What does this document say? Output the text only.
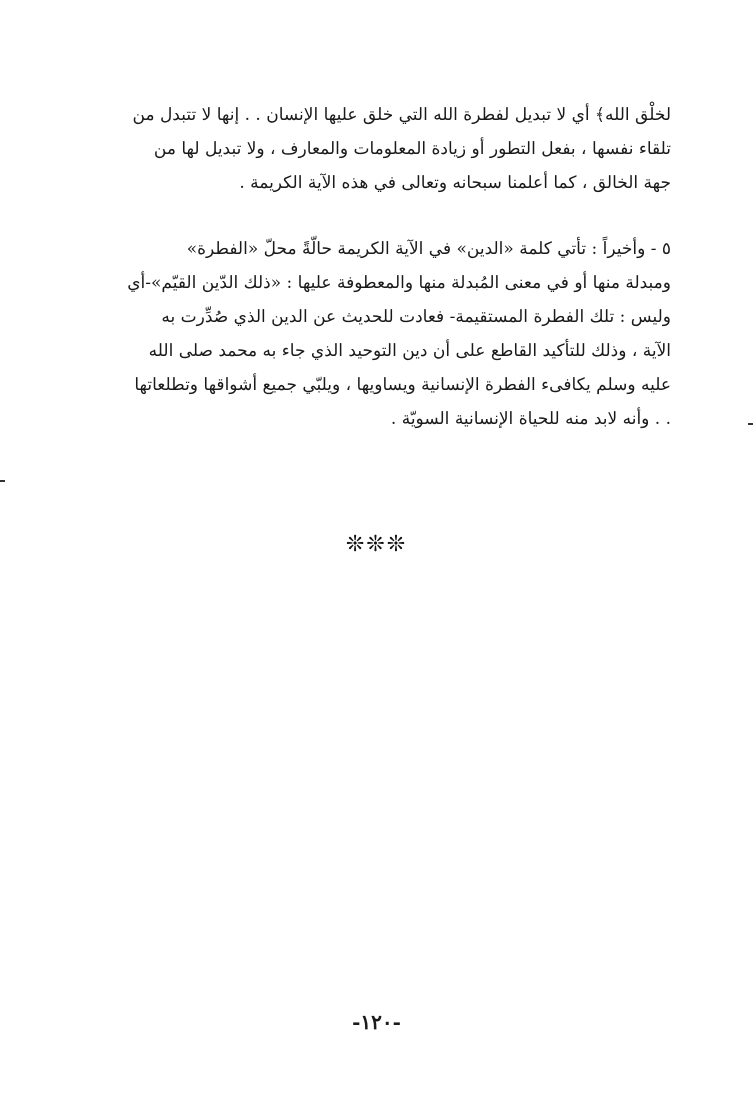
لخلْق الله﴾ أي لا تبديل لفطرة الله التي خلق عليها الإنسان . . إنها لا تتبدل من
تلقاء نفسها ، بفعل التطور أو زيادة المعلومات والمعارف ، ولا تبديل لها من
جهة الخالق ، كما أعلمنا سبحانه وتعالى في هذه الآية الكريمة .
٥ - وأخيراً : تأتي كلمة «الدين» في الآية الكريمة حالّةً محلّ «الفطرة»
ومبدلة منها أو في معنى المُبدلة منها والمعطوفة عليها : «ذلك الدّين القيّم»-أي
وليس : تلك الفطرة المستقيمة- فعادت للحديث عن الدين الذي صُدِّرت به
الآية ، وذلك للتأكيد القاطع على أن دين التوحيد الذي جاء به محمد صلى الله
عليه وسلم يكافىء الفطرة الإنسانية ويساويها ، ويلبّي جميع أشواقها وتطلعاتها
. . وأنه لابد منه للحياة الإنسانية السويّة .
❊❊❊
-١٢٠-
